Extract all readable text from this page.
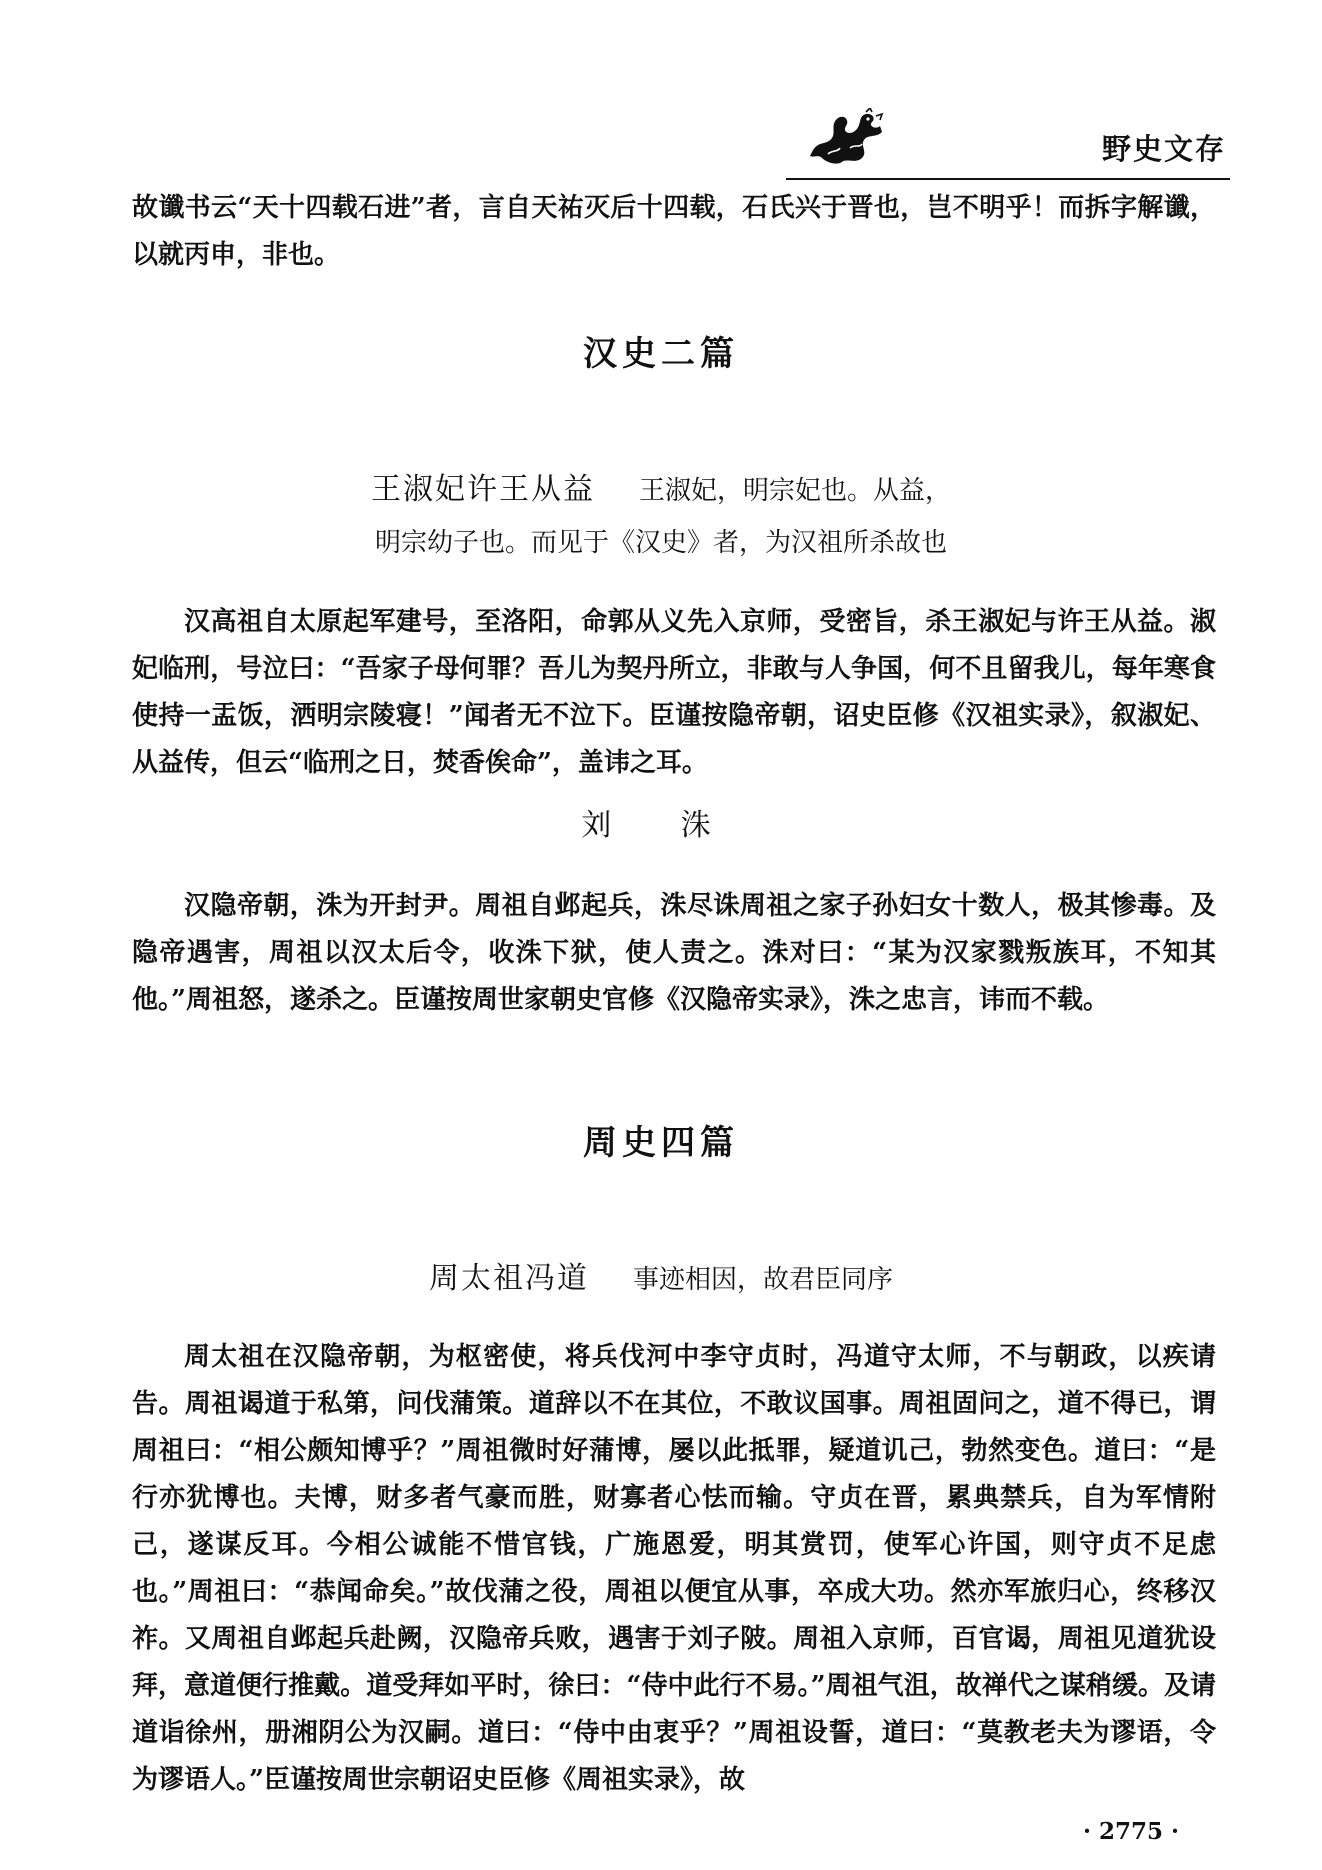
野史文存
故谶书云“天十四载石进”者，言自天祐灭后十四载，石氏兴于晋也，岂不明乎！而拆字解谶，以就丙申，非也。
汉史二篇
王淑妃许王从益 王淑妃，明宗妃也。从益，
明宗幼子也。而见于《汉史》者，为汉祖所杀故也
汉高祖自太原起军建号，至洛阳，命郭从义先入京师，受密旨，杀王淑妃与许王从益。淑妃临刑，号泣曰：“吾家子母何罪？吾儿为契丹所立，非敢与人争国，何不且留我儿，每年寒食使持一盂饭，洒明宗陵寝！”闻者无不泣下。臣谨按隐帝朝，诏史臣修《汉祖实录》，叙淑妃、从益传，但云“临刑之日，焚香俟命”，盖讳之耳。
刘 洙
汉隐帝朝，洙为开封尹。周祖自邺起兵，洙尽诛周祖之家子孙妇女十数人，极其惨毒。及隐帝遇害，周祖以汉太后令，收洙下狱，使人责之。洙对曰：“某为汉家戮叛族耳，不知其他。”周祖怒，遂杀之。臣谨按周世家朝史官修《汉隐帝实录》，洙之忠言，讳而不载。
周史四篇
周太祖冯道 事迹相因，故君臣同序
周太祖在汉隐帝朝，为枢密使，将兵伐河中李守贞时，冯道守太师，不与朝政，以疾请告。周祖谒道于私第，问伐蒲策。道辞以不在其位，不敢议国事。周祖固问之，道不得已，谓周祖曰：“相公颇知博乎？”周祖微时好蒲博，屡以此抵罪，疑道讥己，勃然变色。道曰：“是行亦犹博也。夫博，财多者气豪而胜，财寡者心怯而输。守贞在晋，累典禁兵，自为军情附己，遂谋反耳。今相公诚能不惜官钱，广施恩爱，明其赏罚，使军心许国，则守贞不足虑也。”周祖曰：“恭闻命矣。”故伐蒲之役，周祖以便宜从事，卒成大功。然亦军旅归心，终移汉祚。又周祖自邺起兵赴阙，汉隐帝兵败，遇害于刘子陂。周祖入京师，百官谒，周祖见道犹设拜，意道便行推戴。道受拜如平时，徐曰：“侍中此行不易。”周祖气沮，故禅代之谋稍缓。及请道诣徐州，册湘阴公为汉嗣。道曰：“侍中由衷乎？”周祖设誓，道曰：“莫教老夫为谬语，令为谬语人。”臣谨按周世宗朝诏史臣修《周祖实录》，故
· 2775 ·
